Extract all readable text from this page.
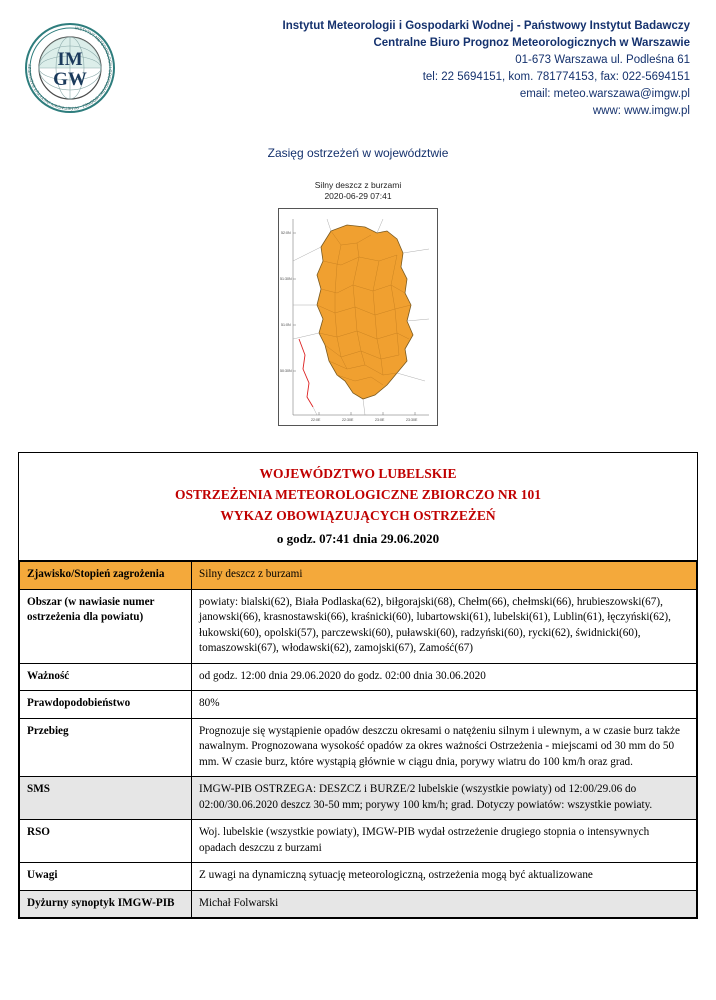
IM
GW
INSTYTUT METEOROLOGII I GOSPODARKI WODNEJ · PAŃSTWOWY INSTYTUT BADAWCZY ·
Instytut Meteorologii i Gospodarki Wodnej - Państwowy Instytut Badawczy
Centralne Biuro Prognoz Meteorologicznych w Warszawie
01-673 Warszawa ul. Podleśna 61
tel: 22 5694151, kom. 781774153, fax: 022-5694151
email: meteo.warszawa@imgw.pl
www: www.imgw.pl
Zasięg ostrzeżeń w województwie
Silny deszcz z burzami
2020-06-29 07:41
52:0N
51:30N
51:0N
50:30N
22:0E	22:30E	23:0E	23:30E
WOJEWÓDZTWO LUBELSKIE
OSTRZEŻENIA METEOROLOGICZNE ZBIORCZO NR 101
WYKAZ OBOWIĄZUJĄCYCH OSTRZEŻEŃ
o godz. 07:41 dnia 29.06.2020
Zjawisko/Stopień zagrożenia	Silny deszcz z burzami
Obszar (w nawiasie numer ostrzeżenia dla powiatu)	powiaty: bialski(62), Biała Podlaska(62), biłgorajski(68), Chełm(66), chełmski(66), hrubieszowski(67), janowski(66), krasnostawski(66), kraśnicki(60), lubartowski(61), lubelski(61), Lublin(61), łęczyński(62), łukowski(60), opolski(57), parczewski(60), puławski(60), radzyński(60), rycki(62), świdnicki(60), tomaszowski(67), włodawski(62), zamojski(67), Zamość(67)
Ważność	od godz. 12:00 dnia 29.06.2020 do godz. 02:00 dnia 30.06.2020
Prawdopodobieństwo	80%
Przebieg	Prognozuje się wystąpienie opadów deszczu okresami o natężeniu silnym i ulewnym, a w czasie burz także nawalnym. Prognozowana wysokość opadów za okres ważności Ostrzeżenia - miejscami od 30 mm do 50 mm. W czasie burz, które wystąpią głównie w ciągu dnia, porywy wiatru do 100 km/h oraz grad.
SMS	IMGW-PIB OSTRZEGA: DESZCZ i BURZE/2 lubelskie (wszystkie powiaty) od 12:00/29.06 do 02:00/30.06.2020 deszcz 30-50 mm; porywy 100 km/h; grad. Dotyczy powiatów: wszystkie powiaty.
RSO	Woj. lubelskie (wszystkie powiaty), IMGW-PIB wydał ostrzeżenie drugiego stopnia o intensywnych opadach deszczu z burzami
Uwagi	Z uwagi na dynamiczną sytuację meteorologiczną, ostrzeżenia mogą być aktualizowane
Dyżurny synoptyk IMGW-PIB	Michał Folwarski
